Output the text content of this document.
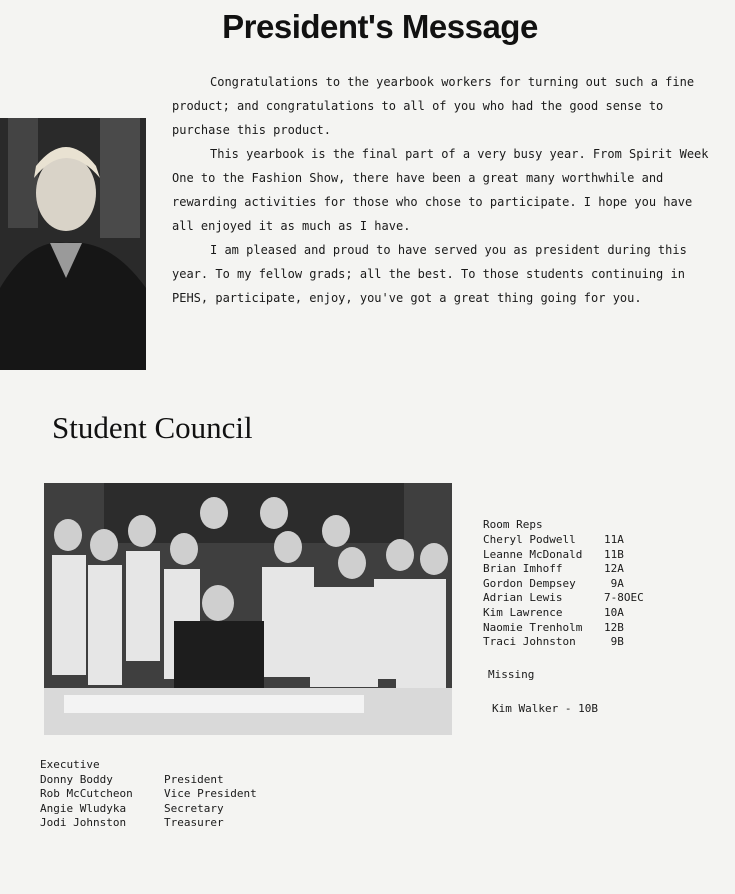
President's Message

Congratulations to the yearbook workers for turning out such a fine product; and congratulations to all of you who had the good sense to purchase this product.

This yearbook is the final part of a very busy year. From Spirit Week One to the Fashion Show, there have been a great many worthwhile and rewarding activities for those who chose to participate. I hope you have all enjoyed it as much as I have.

I am pleased and proud to have served you as president during this year. To my fellow grads; all the best. To those students continuing in PEHS, participate, enjoy, you've got a great thing going for you.

Student Council
Room Reps
Cheryl Podwell	11A
Leanne McDonald	11B
Brian Imhoff	12A
Gordon Dempsey	9A
Adrian Lewis	7-8OEC
Kim Lawrence	10A
Naomie Trenholm	12B
Traci Johnston	9B
Missing
Kim Walker - 10B
Executive
Donny Boddy	President
Rob McCutcheon	Vice President
Angie Wludyka	Secretary
Jodi Johnston	Treasurer
